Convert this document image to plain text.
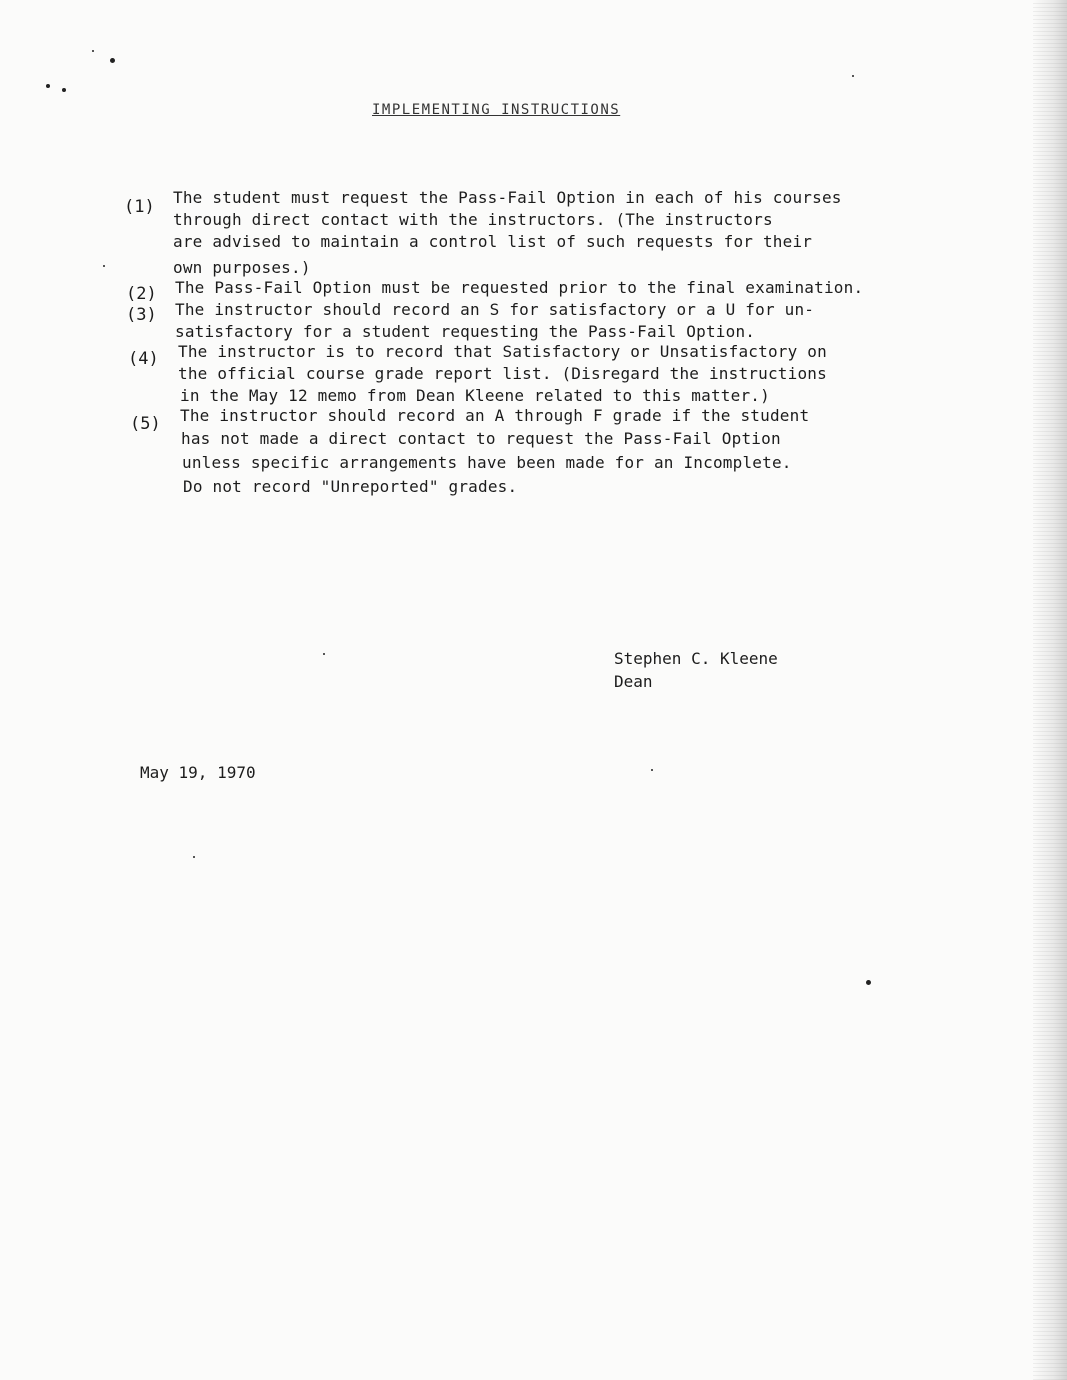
IMPLEMENTING INSTRUCTIONS
(1) The student must request the Pass-Fail Option in each of his courses
through direct contact with the instructors. (The instructors
are advised to maintain a control list of such requests for their
own purposes.)
(2) The Pass-Fail Option must be requested prior to the final examination.
(3) The instructor should record an S for satisfactory or a U for un-
satisfactory for a student requesting the Pass-Fail Option.
(4) The instructor is to record that Satisfactory or Unsatisfactory on
the official course grade report list. (Disregard the instructions
in the May 12 memo from Dean Kleene related to this matter.)
(5) The instructor should record an A through F grade if the student
has not made a direct contact to request the Pass-Fail Option
unless specific arrangements have been made for an Incomplete.
Do not record "Unreported" grades.
Stephen C. Kleene
Dean
May 19, 1970
